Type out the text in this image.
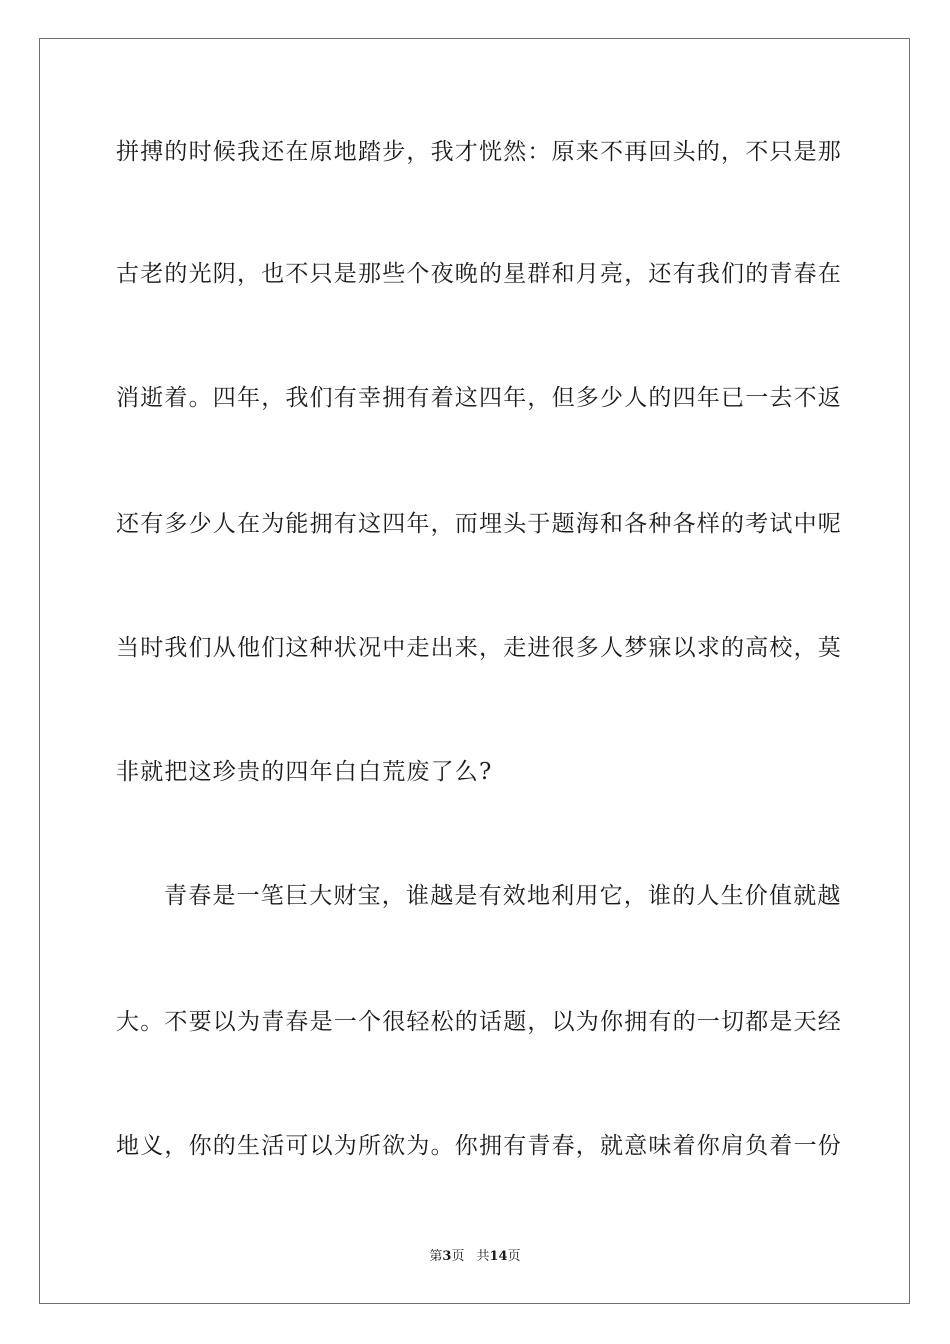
拼搏的时候我还在原地踏步，我才恍然：原来不再回头的，不只是那
古老的光阴，也不只是那些个夜晚的星群和月亮，还有我们的青春在
消逝着。四年，我们有幸拥有着这四年，但多少人的四年已一去不返
还有多少人在为能拥有这四年，而埋头于题海和各种各样的考试中呢
当时我们从他们这种状况中走出来，走进很多人梦寐以求的高校，莫
非就把这珍贵的四年白白荒废了么?
青春是一笔巨大财宝，谁越是有效地利用它，谁的人生价值就越
大。不要以为青春是一个很轻松的话题，以为你拥有的一切都是天经
地义，你的生活可以为所欲为。你拥有青春，就意味着你肩负着一份
第3页 共14页
